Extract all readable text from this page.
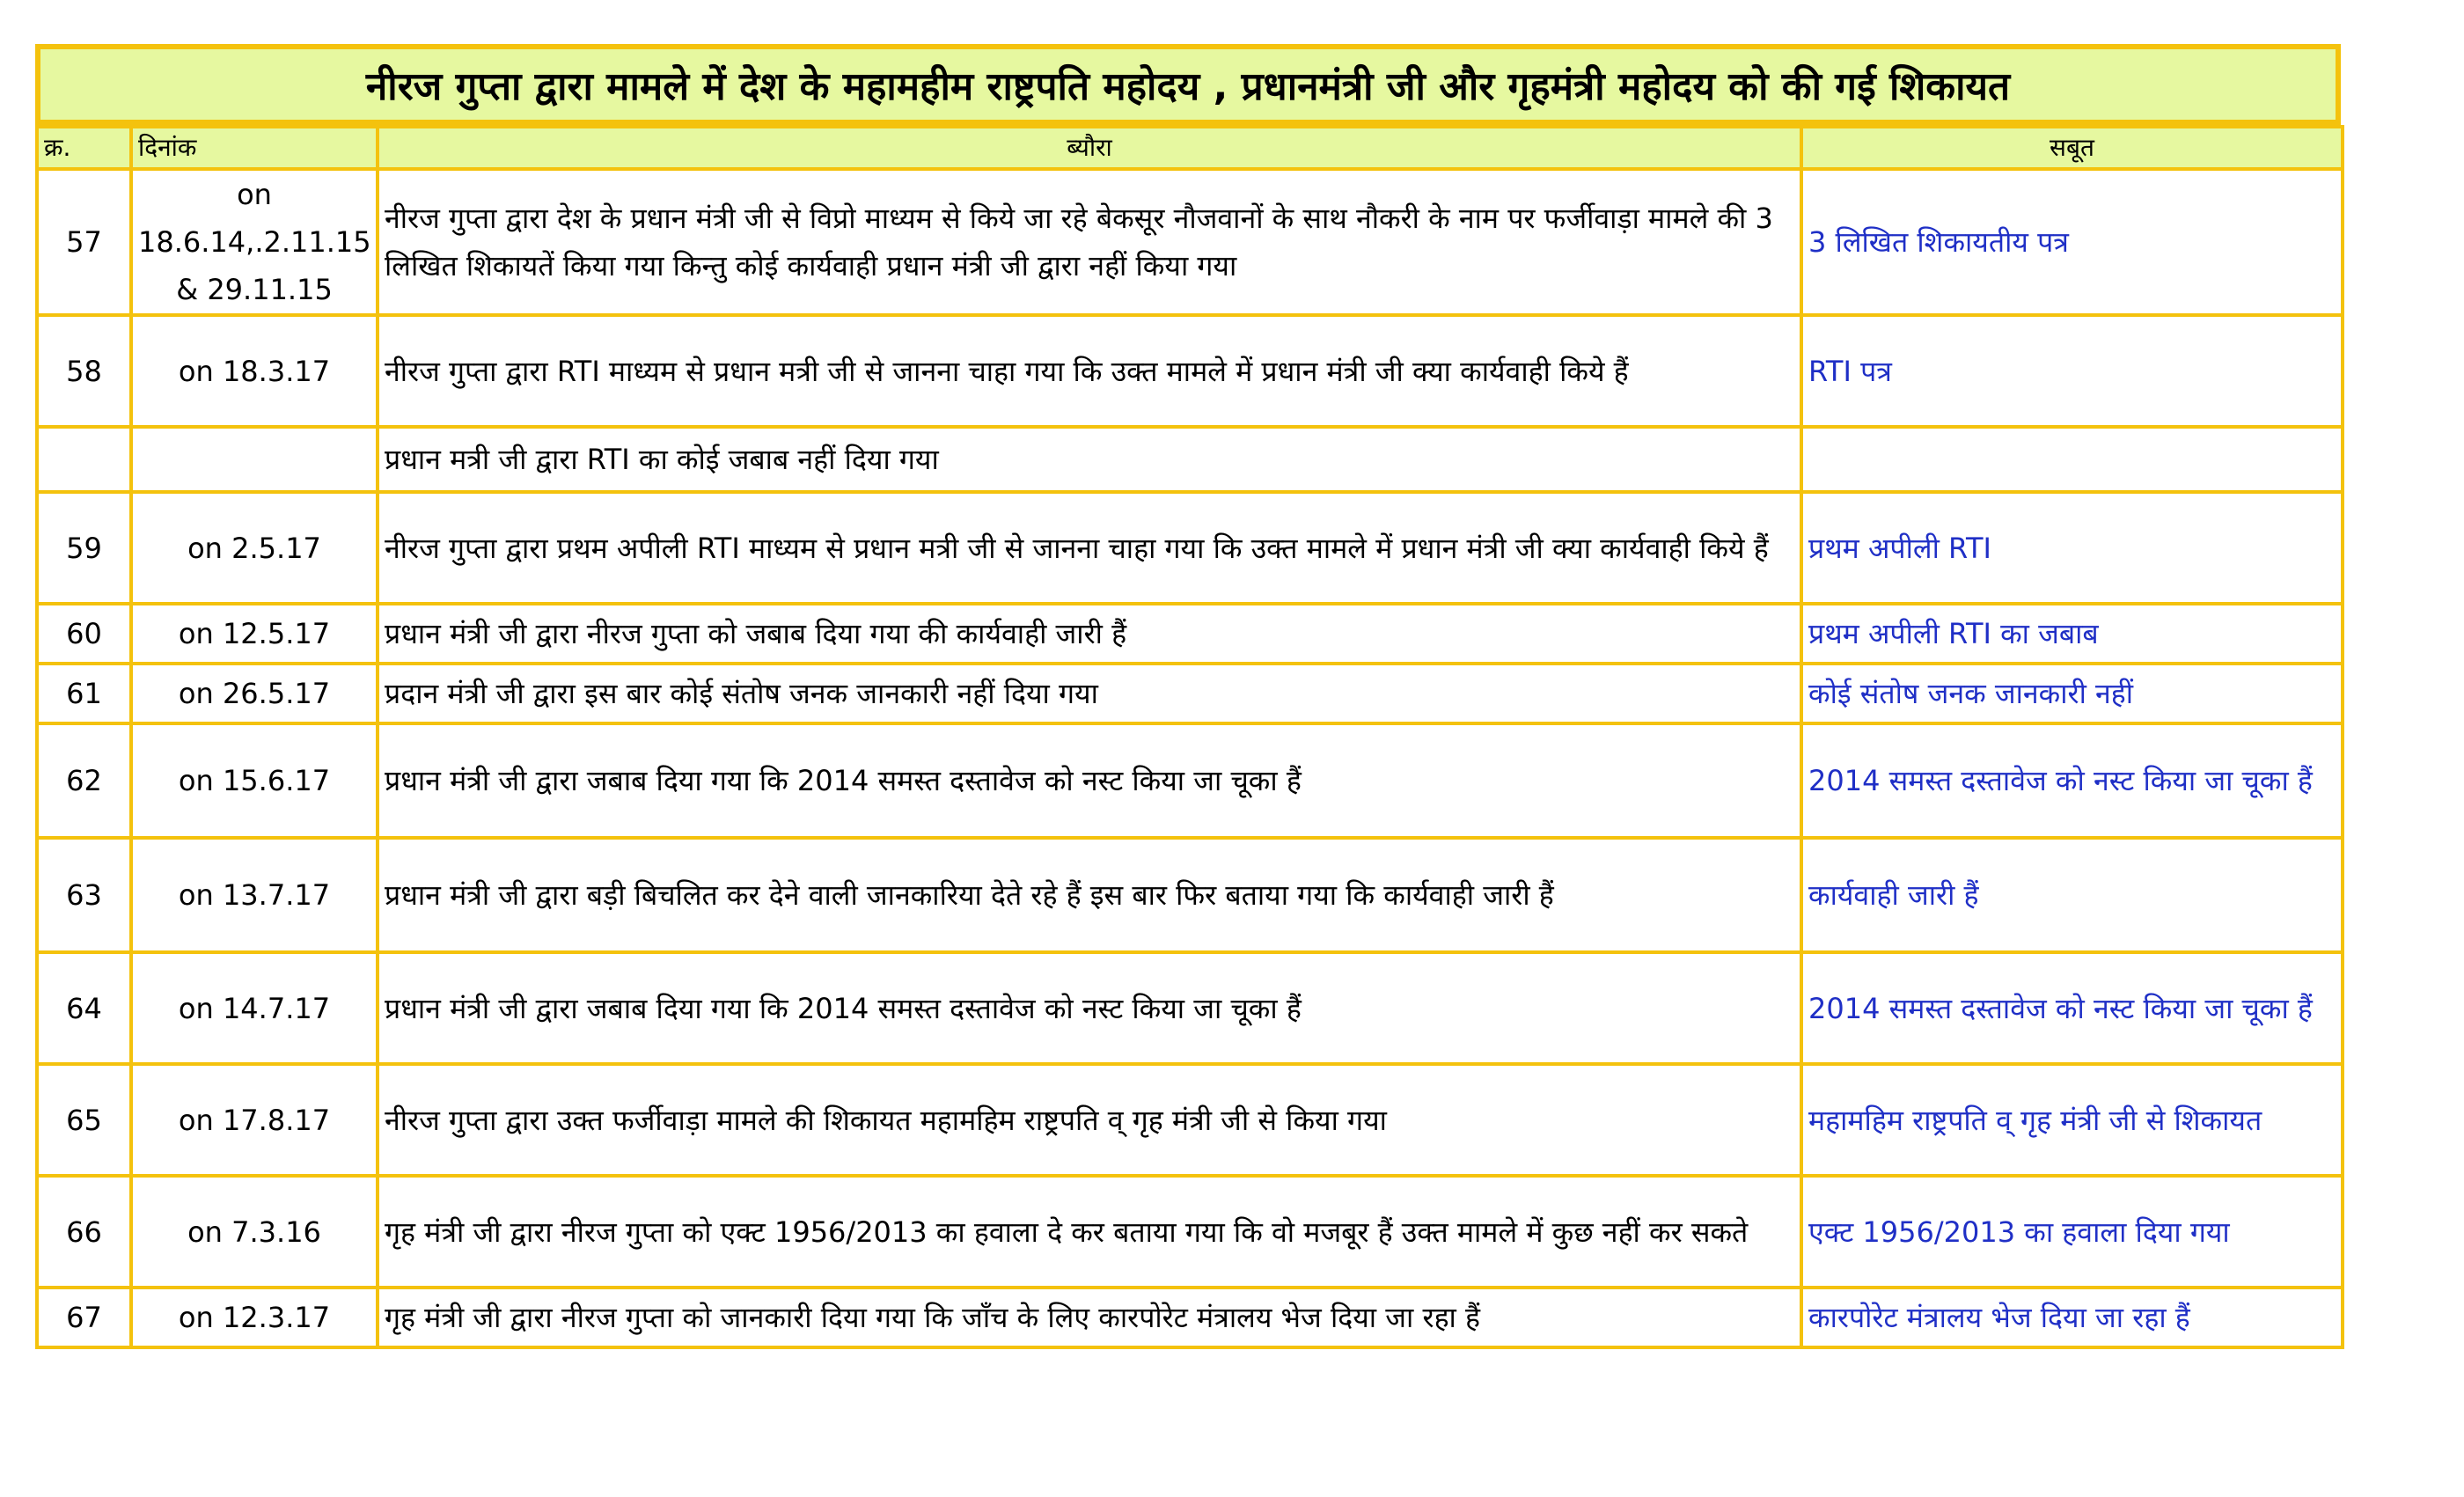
नीरज गुप्ता द्वारा मामले में देश के महामहीम राष्ट्रपति महोदय , प्रधानमंत्री जी और गृहमंत्री महोदय को की गई शिकायत
क्र.	दिनांक	ब्यौरा	सबूत
57	on 18.6.14,.2.11.15 & 29.11.15	नीरज गुप्ता द्वारा देश के प्रधान मंत्री जी से विप्रो माध्यम से किये जा रहे बेकसूर नौजवानों के साथ नौकरी के नाम पर फर्जीवाड़ा मामले की 3 लिखित शिकायतें किया गया किन्तु कोई कार्यवाही प्रधान मंत्री जी द्वारा नहीं किया गया	3 लिखित शिकायतीय पत्र
58	on 18.3.17	नीरज गुप्ता द्वारा RTI माध्यम से प्रधान मत्री जी से जानना चाहा गया कि उक्त मामले में प्रधान मंत्री जी क्या कार्यवाही किये हैं	RTI पत्र
		प्रधान मत्री जी द्वारा RTI का कोई जबाब नहीं दिया गया	
59	on 2.5.17	नीरज गुप्ता द्वारा प्रथम अपीली RTI माध्यम से प्रधान मत्री जी से जानना चाहा गया कि उक्त मामले में प्रधान मंत्री जी क्या कार्यवाही किये हैं	प्रथम अपीली RTI
60	on 12.5.17	प्रधान मंत्री जी द्वारा नीरज गुप्ता को जबाब दिया गया की कार्यवाही जारी हैं	प्रथम अपीली RTI का जबाब
61	on 26.5.17	प्रदान मंत्री जी द्वारा इस बार कोई संतोष जनक जानकारी नहीं दिया गया	कोई संतोष जनक जानकारी नहीं
62	on 15.6.17	प्रधान मंत्री जी द्वारा जबाब दिया गया कि 2014 समस्त दस्तावेज को नस्ट किया जा चूका हैं	2014 समस्त दस्तावेज को नस्ट किया जा चूका हैं
63	on 13.7.17	प्रधान मंत्री जी द्वारा बड़ी बिचलित कर देने वाली जानकारिया देते रहे हैं इस बार फिर बताया गया कि कार्यवाही जारी हैं	कार्यवाही जारी हैं
64	on 14.7.17	प्रधान मंत्री जी द्वारा जबाब दिया गया कि 2014 समस्त दस्तावेज को नस्ट किया जा चूका हैं	2014 समस्त दस्तावेज को नस्ट किया जा चूका हैं
65	on 17.8.17	नीरज गुप्ता द्वारा उक्त फर्जीवाड़ा मामले की शिकायत महामहिम राष्ट्रपति व् गृह मंत्री जी से किया गया	महामहिम राष्ट्रपति व् गृह मंत्री जी से शिकायत
66	on 7.3.16	गृह मंत्री जी द्वारा नीरज गुप्ता को एक्ट 1956/2013 का हवाला दे कर बताया गया कि वो मजबूर हैं उक्त मामले में कुछ नहीं कर सकते	एक्ट 1956/2013 का हवाला दिया गया
67	on 12.3.17	गृह मंत्री जी द्वारा नीरज गुप्ता को जानकारी दिया गया कि जाँच के लिए कारपोरेट मंत्रालय भेज दिया जा रहा हैं	कारपोरेट मंत्रालय भेज दिया जा रहा हैं
